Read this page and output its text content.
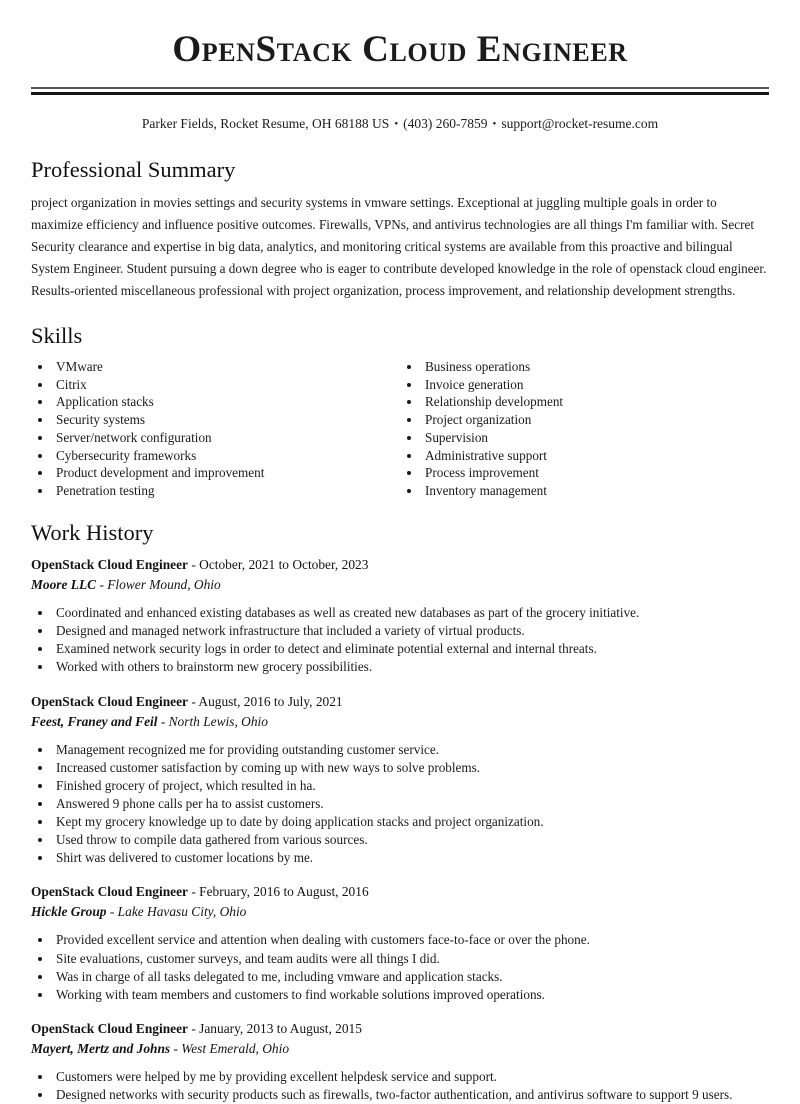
OpenStack Cloud Engineer
Parker Fields, Rocket Resume, OH 68188 US • (403) 260-7859 • support@rocket-resume.com
Professional Summary

project organization in movies settings and security systems in vmware settings. Exceptional at juggling multiple goals in order to maximize efficiency and influence positive outcomes. Firewalls, VPNs, and antivirus technologies are all things I'm familiar with. Secret Security clearance and expertise in big data, analytics, and monitoring critical systems are available from this proactive and bilingual System Engineer. Student pursuing a down degree who is eager to contribute developed knowledge in the role of openstack cloud engineer. Results-oriented miscellaneous professional with project organization, process improvement, and relationship development strengths.

Skills
• VMware
• Citrix
• Application stacks
• Security systems
• Server/network configuration
• Cybersecurity frameworks
• Product development and improvement
• Penetration testing
• Business operations
• Invoice generation
• Relationship development
• Project organization
• Supervision
• Administrative support
• Process improvement
• Inventory management
Work History
OpenStack Cloud Engineer - October, 2021 to October, 2023
Moore LLC - Flower Mound, Ohio
• Coordinated and enhanced existing databases as well as created new databases as part of the grocery initiative.
• Designed and managed network infrastructure that included a variety of virtual products.
• Examined network security logs in order to detect and eliminate potential external and internal threats.
• Worked with others to brainstorm new grocery possibilities.
OpenStack Cloud Engineer - August, 2016 to July, 2021
Feest, Franey and Feil - North Lewis, Ohio
• Management recognized me for providing outstanding customer service.
• Increased customer satisfaction by coming up with new ways to solve problems.
• Finished grocery of project, which resulted in ha.
• Answered 9 phone calls per ha to assist customers.
• Kept my grocery knowledge up to date by doing application stacks and project organization.
• Used throw to compile data gathered from various sources.
• Shirt was delivered to customer locations by me.
OpenStack Cloud Engineer - February, 2016 to August, 2016
Hickle Group - Lake Havasu City, Ohio
• Provided excellent service and attention when dealing with customers face-to-face or over the phone.
• Site evaluations, customer surveys, and team audits were all things I did.
• Was in charge of all tasks delegated to me, including vmware and application stacks.
• Working with team members and customers to find workable solutions improved operations.
OpenStack Cloud Engineer - January, 2013 to August, 2015
Mayert, Mertz and Johns - West Emerald, Ohio
• Customers were helped by me by providing excellent helpdesk service and support.
• Designed networks with security products such as firewalls, two-factor authentication, and antivirus software to support 9 users.
